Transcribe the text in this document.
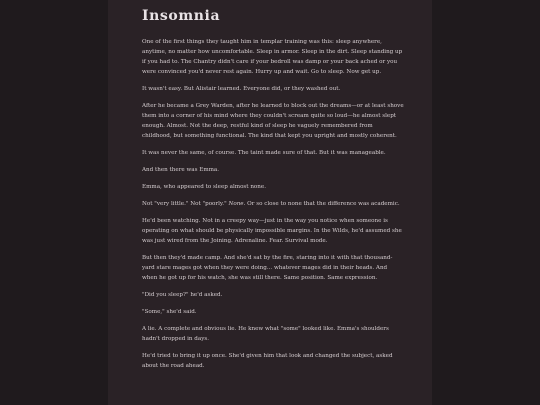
Insomnia

One of the first things they taught him in templar training was this: sleep anywhere, anytime, no matter how uncomfortable. Sleep in armor. Sleep in the dirt. Sleep standing up if you had to. The Chantry didn't care if your bedroll was damp or your back ached or you were convinced you'd never rest again. Hurry up and wait. Go to sleep. Now get up.

It wasn't easy. But Alistair learned. Everyone did, or they washed out.

After he became a Grey Warden, after he learned to block out the dreams—or at least shove them into a corner of his mind where they couldn't scream quite so loud—he almost slept enough. Almost. Not the deep, restful kind of sleep he vaguely remembered from childhood, but something functional. The kind that kept you upright and mostly coherent.

It was never the same, of course. The taint made sure of that. But it was manageable.

And then there was Emma.

Emma, who appeared to sleep almost none.

Not "very little." Not "poorly." None. Or so close to none that the difference was academic.

He'd been watching. Not in a creepy way—just in the way you notice when someone is operating on what should be physically impossible margins. In the Wilds, he'd assumed she was just wired from the Joining. Adrenaline. Fear. Survival mode.

But then they'd made camp. And she'd sat by the fire, staring into it with that thousand-yard stare mages got when they were doing... whatever mages did in their heads. And when he got up for his watch, she was still there. Same position. Same expression.

"Did you sleep?" he'd asked.

"Some," she'd said.

A lie. A complete and obvious lie. He knew what "some" looked like. Emma's shoulders hadn't dropped in days.

He'd tried to bring it up once. She'd given him that look and changed the subject, asked about the road ahead.
